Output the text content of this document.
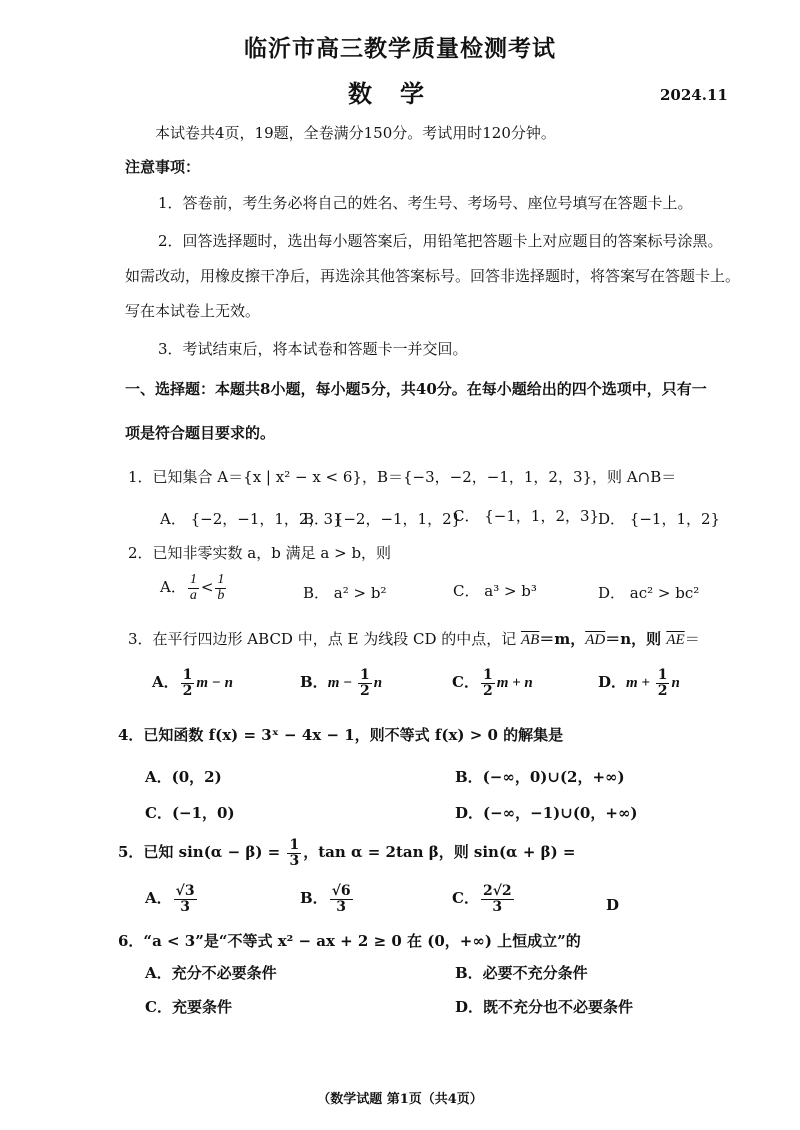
临沂市高三教学质量检测考试
数学	2024.11
本试卷共4页，19题，全卷满分150分。考试用时120分钟。
注意事项：
1．答卷前，考生务必将自己的姓名、考生号、考场号、座位号填写在答题卡上。
2．回答选择题时，选出每小题答案后，用铅笔把答题卡上对应题目的答案标号涂黑。
如需改动，用橡皮擦干净后，再选涂其他答案标号。回答非选择题时，将答案写在答题卡上。
写在本试卷上无效。
3．考试结束后，将本试卷和答题卡一并交回。
一、选择题：本题共8小题，每小题5分，共40分。在每小题给出的四个选项中，只有一
项是符合题目要求的。
1．已知集合 A＝{x | x² − x < 6}，B＝{−3，−2，−1，1，2，3}，则 A∩B＝
A． {−2，−1，1，2，3}
B． {−2，−1，1，2}
C． {−1，1，2，3}
D． {−1，1，2}
2．已知非零实数 a，b 满足 a > b，则
A． $\frac{1}{a} < \frac{1}{b}$	B． a² > b²	C． a³ > b³	D． ac² > bc²
3．在平行四边形 ABCD 中，点 E 为线段 CD 的中点，记 $\overline{AB}=m$，$\overline{AD}=n$，则 $\overline{AE}=$
A． $\frac{1}{2}$ m − n	B．$m - \frac{1}{2}$ n	C． $\frac{1}{2}$ m + n	D．$m + \frac{1}{2}$ n
4．已知函数 f(x) = 3ˣ − 4x − 1，则不等式 f(x) > 0 的解集是
A．(0，2)	B．(−∞，0)∪(2，+∞)
C．(−1，0)	D．(−∞，−1)∪(0，+∞)
5．已知 $\sin(\alpha - \beta) = \frac{1}{3}$ ，tan α = 2tan β，则 sin(α + β) =
A． $\frac{√3}{3}$	B． $\frac{√6}{3}$	C． $\frac{2√2}{3}$	D
6．“a < 3”是“不等式 x² − ax + 2 ≥ 0 在 (0，+∞) 上恒成立”的
A．充分不必要条件	B．必要不充分条件
C．充要条件	D．既不充分也不必要条件
（数学试题 第1页（共4页）
